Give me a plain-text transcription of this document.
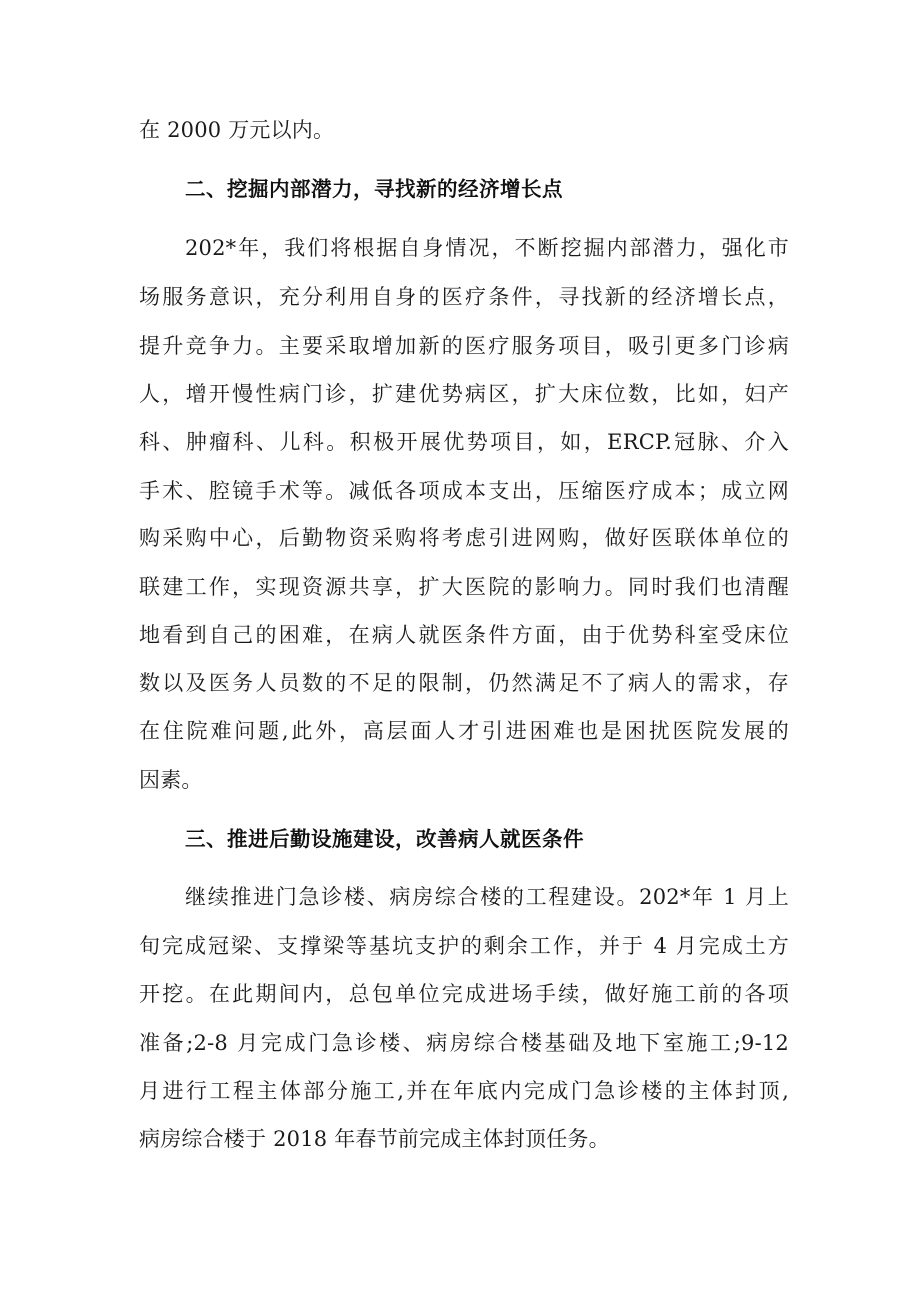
在 2000 万元以内。
二、挖掘内部潜力，寻找新的经济增长点
202*年，我们将根据自身情况，不断挖掘内部潜力，强化市
场服务意识，充分利用自身的医疗条件，寻找新的经济增长点，
提升竞争力。主要采取增加新的医疗服务项目，吸引更多门诊病
人，增开慢性病门诊，扩建优势病区，扩大床位数，比如，妇产
科、肿瘤科、儿科。积极开展优势项目，如，ERCP.冠脉、介入
手术、腔镜手术等。减低各项成本支出，压缩医疗成本；成立网
购采购中心，后勤物资采购将考虑引进网购，做好医联体单位的
联建工作，实现资源共享，扩大医院的影响力。同时我们也清醒
地看到自己的困难，在病人就医条件方面，由于优势科室受床位
数以及医务人员数的不足的限制，仍然满足不了病人的需求，存
在住院难问题,此外，高层面人才引进困难也是困扰医院发展的
因素。
三、推进后勤设施建设，改善病人就医条件
继续推进门急诊楼、病房综合楼的工程建设。202*年 1 月上
旬完成冠梁、支撑梁等基坑支护的剩余工作，并于 4 月完成土方
开挖。在此期间内，总包单位完成进场手续，做好施工前的各项
准备;2-8 月完成门急诊楼、病房综合楼基础及地下室施工;9-12
月进行工程主体部分施工,并在年底内完成门急诊楼的主体封顶,
病房综合楼于 2018 年春节前完成主体封顶任务。
